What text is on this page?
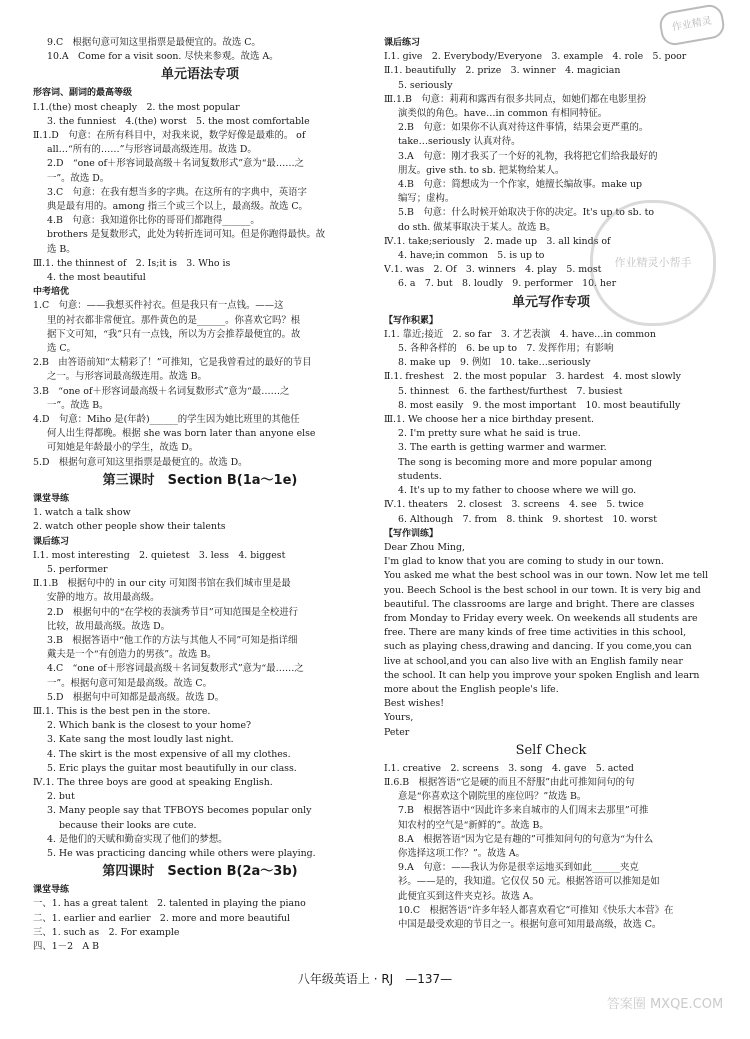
9.C　根据句意可知这里指票是最便宜的。故选 C。
10.A　Come for a visit soon. 尽快来参观。故选 A。
单元语法专项
形容词、副词的最高等级
Ⅰ.1.(the) most cheaply　2. the most popular
3. the funniest　4.(the) worst　5. the most comfortable
Ⅱ.1.D　句意：在所有科目中，对我来说，数学好像是最难的。 of
all…“所有的……”与形容词最高级连用。故选 D。
2.D　“one of＋形容词最高级＋名词复数形式”意为“最……之
一”。故选 D。
3.C　句意：在我有想当多的字典。在这所有的字典中，英语字
典是最有用的。among 指三个或三个以上，最高级。故选 C。
4.B　句意：我知道你比你的哥哥们都跑得______。
brothers 是复数形式，此处为转折连词可知。但是你跑得最快。故
选 B。
Ⅲ.1. the thinnest of　2. Is;it is　3. Who is
4. the most beautiful
中考培优
1.C　句意：——我想买件衬衣。但是我只有一点钱。——这
里的衬衣都非常便宜。那件黄色的是______。你喜欢它吗？根
据下文可知，“我”只有一点钱，所以为方会推荐最便宜的。故
选 C。
2.B　由答语前知“太精彩了！”可推知，它是我曾看过的最好的节目
之一。与形容词最高级连用。故选 B。
3.B　“one of＋形容词最高级＋名词复数形式”意为“最……之
一”。故选 B。
4.D　句意：Miho 是(年龄)______的学生因为她比班里的其他任
何人出生得都晚。根据 she was born later than anyone else
可知她是年龄最小的学生，故选 D。
5.D　根据句意可知这里指票是最便宜的。故选 D。
第三课时　Section B(1a～1e)
课堂导练
1. watch a talk show
2. watch other people show their talents
课后练习
Ⅰ.1. most interesting　2. quietest　3. less　4. biggest
5. performer
Ⅱ.1.B　根据句中的 in our city 可知图书馆在我们城市里是最
安静的地方。故用最高级。
2.D　根据句中的“在学校的表演秀节目”可知范围是全校进行
比较，故用最高级。故选 D。
3.B　根据答语中“他工作的方法与其他人不同”可知是指详细
戴夫是一个“有创造力的男孩”。故选 B。
4.C　“one of＋形容词最高级＋名词复数形式”意为“最……之
一”。根据句意可知是最高级。故选 C。
5.D　根据句中可知都是最高级。故选 D。
Ⅲ.1. This is the best pen in the store.
2. Which bank is the closest to your home?
3. Kate sang the most loudly last night.
4. The skirt is the most expensive of all my clothes.
5. Eric plays the guitar most beautifully in our class.
Ⅳ.1. The three boys are good at speaking English.
2. but
3. Many people say that TFBOYS becomes popular only
because their looks are cute.
4. 是他们的天赋和勤奋实现了他们的梦想。
5. He was practicing dancing while others were playing.
第四课时　Section B(2a～3b)
课堂导练
一、1. has a great talent　2. talented in playing the piano
二、1. earlier and earlier　2. more and more beautiful
三、1. such as　2. For example
四、1－2　A B
课后练习
Ⅰ.1. give　2. Everybody/Everyone　3. example　4. role　5. poor
Ⅱ.1. beautifully　2. prize　3. winner　4. magician
5. seriously
Ⅲ.1.B　句意：莉莉和露西有很多共同点，如她们都在电影里扮
演类似的角色。have…in common 有相同特征。
2.B　句意：如果你不认真对待这件事情，结果会更严重的。
take…seriously 认真对待。
3.A　句意：刚才我买了一个好的礼物，我将把它们给我最好的
朋友。give sth. to sb. 把某物给某人。
4.B　句意：简想成为一个作家，她擅长编故事。make up
编写；虚构。
5.B　句意：什么时候开始取决于你的决定。It's up to sb. to
do sth. 做某事取决于某人。故选 B。
Ⅳ.1. take;seriously　2. made up　3. all kinds of
4. have;in common　5. is up to
Ⅴ.1. was　2. Of　3. winners　4. play　5. most
6. a　7. but　8. loudly　9. performer　10. her
单元写作专项
【写作积累】
Ⅰ.1. 靠近;接近　2. so far　3. 才艺表演　4. have…in common
5. 各种各样的　6. be up to　7. 发挥作用；有影响
8. make up　9. 例如　10. take…seriously
Ⅱ.1. freshest　2. the most popular　3. hardest　4. most slowly
5. thinnest　6. the farthest/furthest　7. busiest
8. most easily　9. the most important　10. most beautifully
Ⅲ.1. We choose her a nice birthday present.
2. I'm pretty sure what he said is true.
3. The earth is getting warmer and warmer.
The song is becoming more and more popular among
students.
4. It's up to my father to choose where we will go.
Ⅳ.1. theaters　2. closest　3. screens　4. see　5. twice
6. Although　7. from　8. think　9. shortest　10. worst
【写作训练】
Dear Zhou Ming,
I'm glad to know that you are coming to study in our town.
You asked me what the best school was in our town. Now let me tell
you. Beech School is the best school in our town. It is very big and
beautiful. The classrooms are large and bright. There are classes
from Monday to Friday every week. On weekends all students are
free. There are many kinds of free time activities in this school,
such as playing chess,drawing and dancing. If you come,you can
live at school,and you can also live with an English family near
the school. It can help you improve your spoken English and learn
more about the English people's life.
Best wishes!
Yours,
Peter
Self Check
Ⅰ.1. creative　2. screens　3. song　4. gave　5. acted
Ⅱ.6.B　根据答语“它是硬的而且不舒服”由此可推知问句的句
意是“你喜欢这个剧院里的座位吗？”故选 B。
7.B　根据答语中“因此许多来自城市的人们周末去那里”可推
知农村的空气是“新鲜的”。故选 B。
8.A　根据答语“因为它是有趣的”可推知问句的句意为“为什么
你选择这项工作？”。故选 A。
9.A　句意：——我认为你是很幸运地买到如此______夹克
衫。——是的，我知道。它仅仅 50 元。根据答语可以推知是如
此便宜买到这件夹克衫。故选 A。
10.C　根据答语“许多年轻人都喜欢看它”可推知《快乐大本营》在
中国是最受欢迎的节目之一。根据句意可知用最高级，故选 C。
八年级英语上 · RJ　—137—
作业精灵
作业精灵小帮手
答案圈 MXQE.COM
